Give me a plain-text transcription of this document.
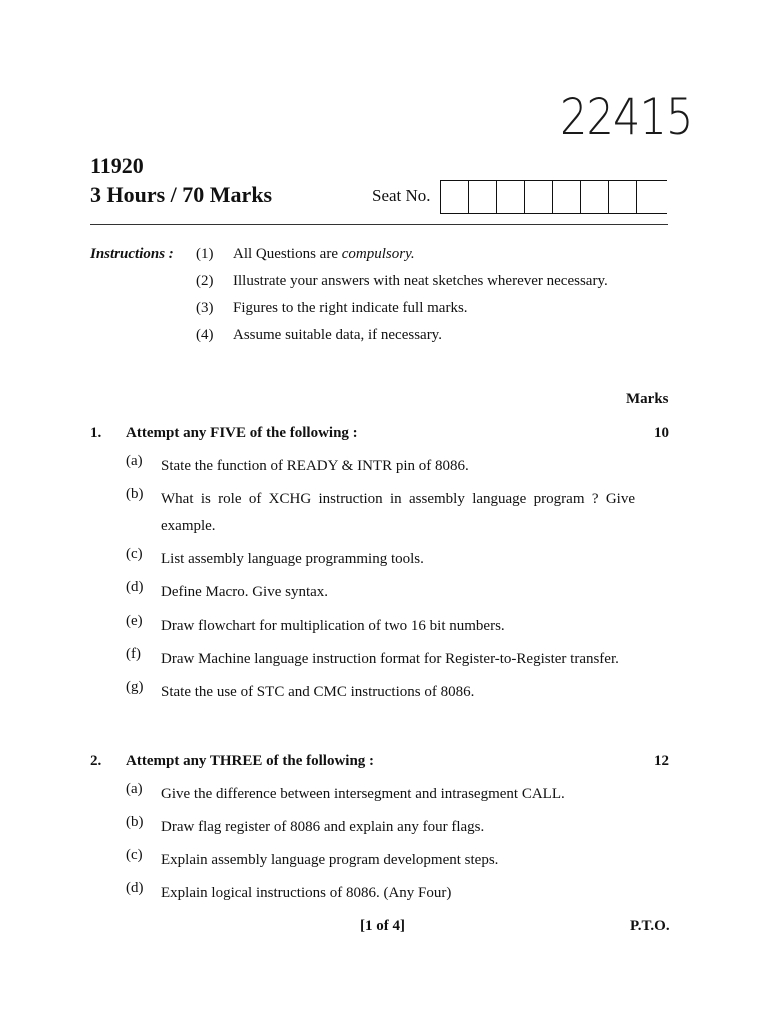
22415
11920
3 Hours / 70 Marks	Seat No.
Instructions : (1)	All Questions are compulsory.
(2)	Illustrate your answers with neat sketches wherever necessary.
(3)	Figures to the right indicate full marks.
(4)	Assume suitable data, if necessary.
Marks
1. Attempt any FIVE of the following :	10
(a) State the function of READY & INTR pin of 8086.
(b) What is role of XCHG instruction in assembly language program ? Give example.
(c) List assembly language programming tools.
(d) Define Macro. Give syntax.
(e) Draw flowchart for multiplication of two 16 bit numbers.
(f) Draw Machine language instruction format for Register-to-Register transfer.
(g) State the use of STC and CMC instructions of 8086.
2. Attempt any THREE of the following :	12
(a) Give the difference between intersegment and intrasegment CALL.
(b) Draw flag register of 8086 and explain any four flags.
(c) Explain assembly language program development steps.
(d) Explain logical instructions of 8086. (Any Four)
[1 of 4]	P.T.O.
